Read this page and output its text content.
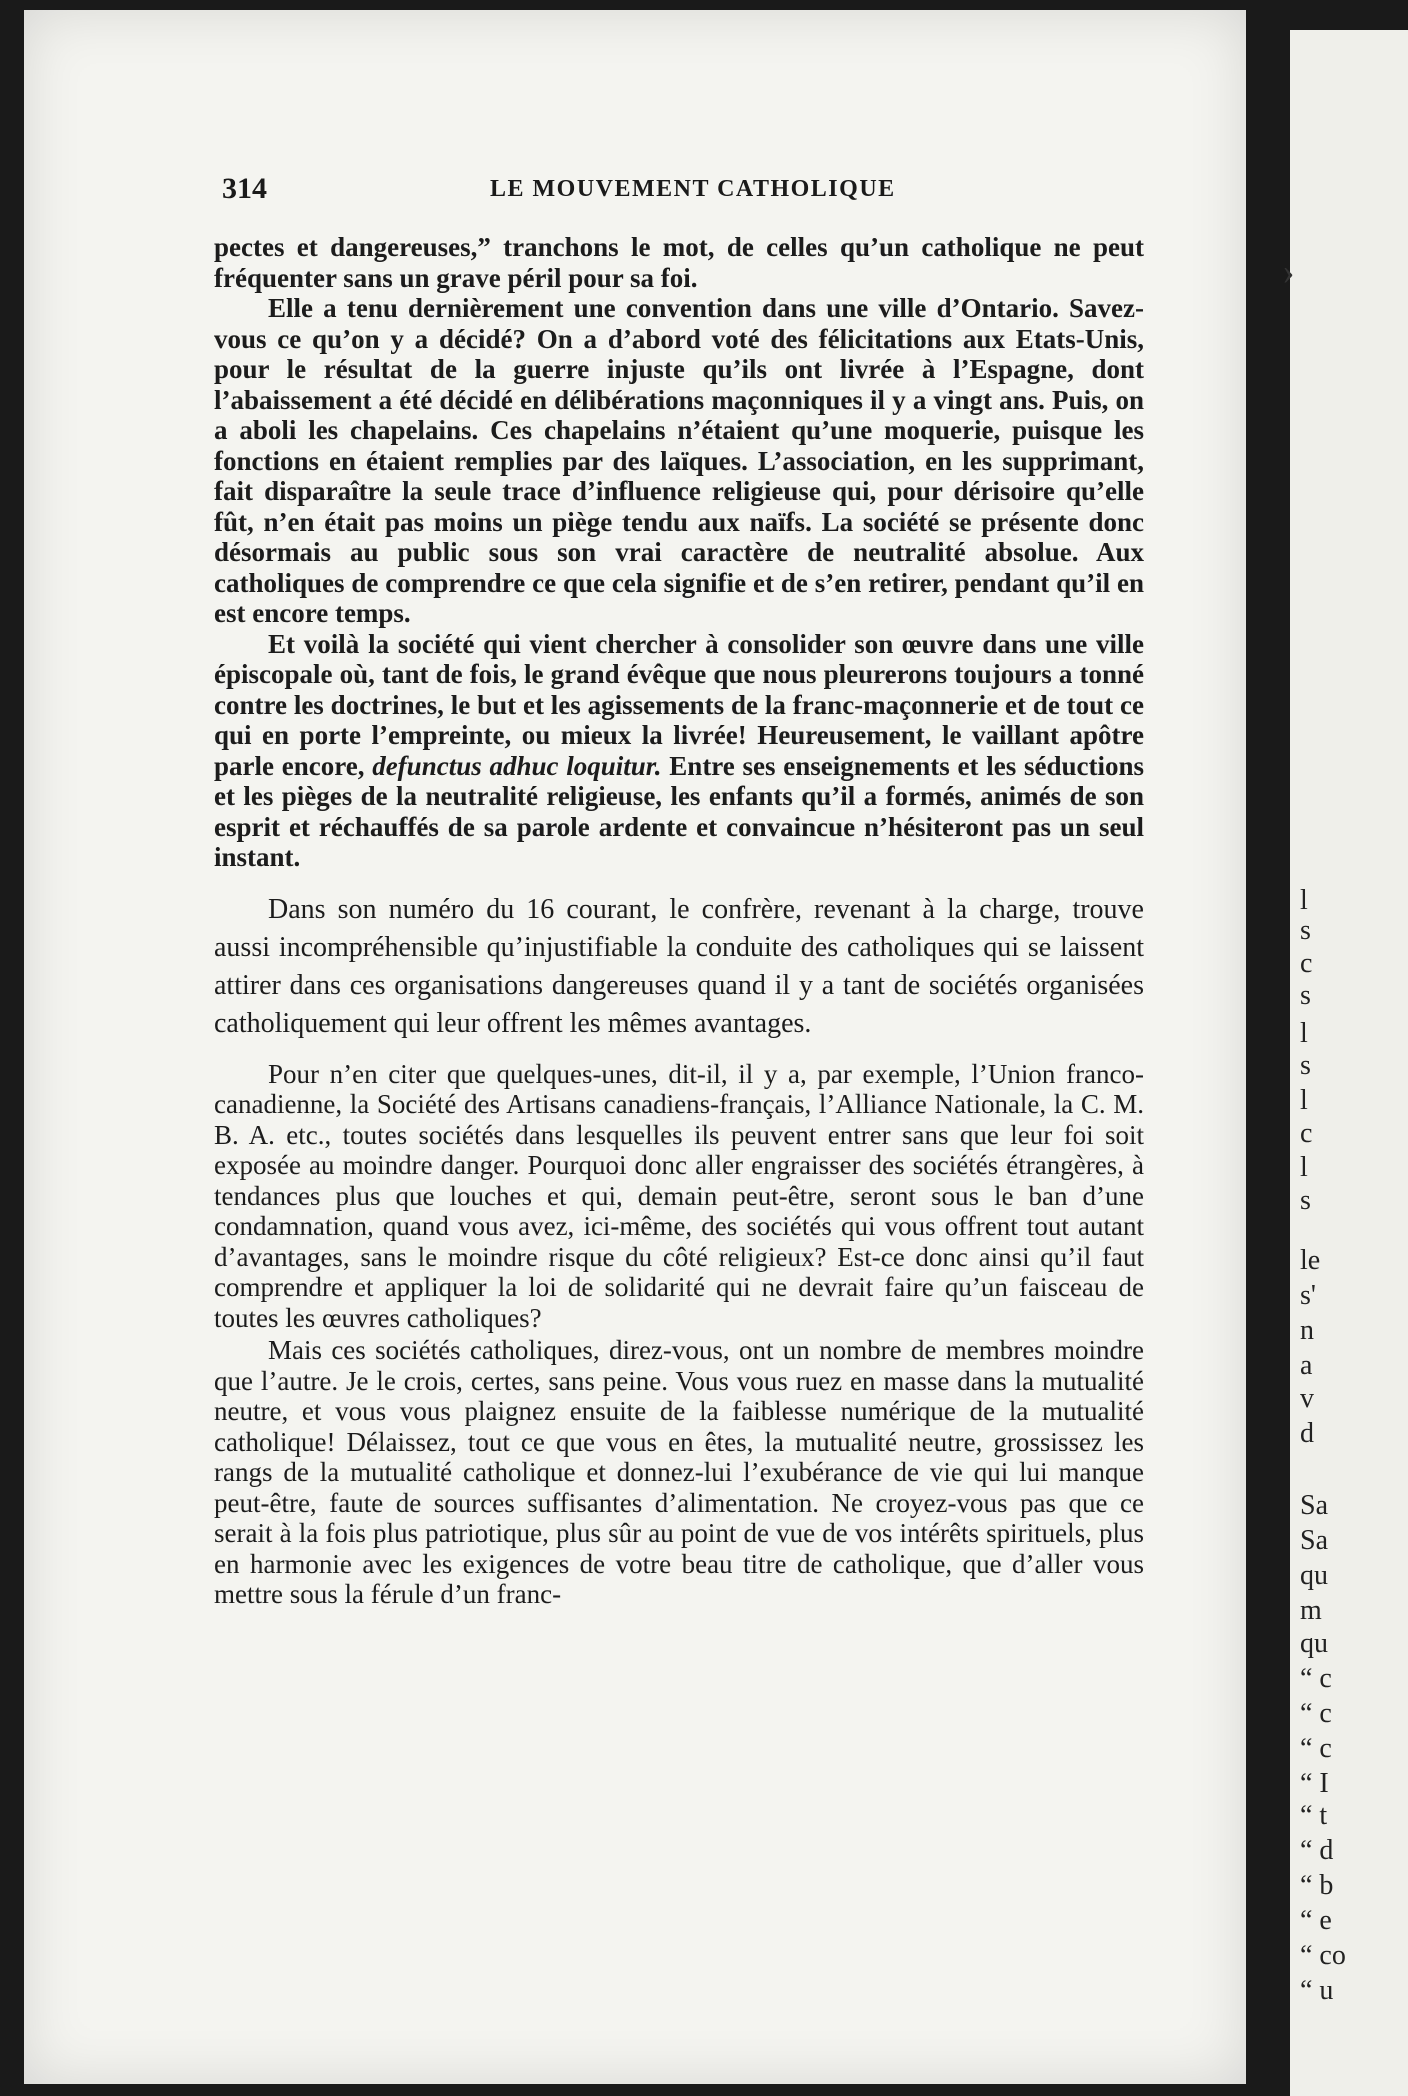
l
s
c
s
l
s
l
c
l
s
le
s'
n
a
v
d
Sa
Sa
qu
m
qu
“ c
“ c
“ c
“ I
“ t
“ d
“ b
“ e
“ co
“ u
›
314	LE MOUVEMENT CATHOLIQUE

pectes et dangereuses,” tranchons le mot, de celles qu’un catholique ne peut fréquenter sans un grave péril pour sa foi.

Elle a tenu dernièrement une convention dans une ville d’Ontario. Savez-vous ce qu’on y a décidé? On a d’abord voté des félicitations aux Etats-Unis, pour le résultat de la guerre injuste qu’ils ont livrée à l’Espagne, dont l’abaissement a été décidé en délibérations maçonniques il y a vingt ans. Puis, on a aboli les chapelains. Ces chapelains n’étaient qu’une moquerie, puisque les fonctions en étaient remplies par des laïques. L’association, en les supprimant, fait disparaître la seule trace d’influence religieuse qui, pour dérisoire qu’elle fût, n’en était pas moins un piège tendu aux naïfs. La société se présente donc désormais au public sous son vrai caractère de neutralité absolue. Aux catholiques de comprendre ce que cela signifie et de s’en retirer, pendant qu’il en est encore temps.

Et voilà la société qui vient chercher à consolider son œuvre dans une ville épiscopale où, tant de fois, le grand évêque que nous pleurerons toujours a tonné contre les doctrines, le but et les agissements de la franc-maçonnerie et de tout ce qui en porte l’empreinte, ou mieux la livrée! Heureusement, le vaillant apôtre parle encore, defunctus adhuc loquitur. Entre ses enseignements et les séductions et les pièges de la neutralité religieuse, les enfants qu’il a formés, animés de son esprit et réchauffés de sa parole ardente et convaincue n’hésiteront pas un seul instant.

Dans son numéro du 16 courant, le confrère, revenant à la charge, trouve aussi incompréhensible qu’injustifiable la conduite des catholiques qui se laissent attirer dans ces organisations dangereuses quand il y a tant de sociétés organisées catholiquement qui leur offrent les mêmes avantages.

Pour n’en citer que quelques-unes, dit-il, il y a, par exemple, l’Union franco-canadienne, la Société des Artisans canadiens-français, l’Alliance Nationale, la C. M. B. A. etc., toutes sociétés dans lesquelles ils peuvent entrer sans que leur foi soit exposée au moindre danger. Pourquoi donc aller engraisser des sociétés étrangères, à tendances plus que louches et qui, demain peut-être, seront sous le ban d’une condamnation, quand vous avez, ici-même, des sociétés qui vous offrent tout autant d’avantages, sans le moindre risque du côté religieux? Est-ce donc ainsi qu’il faut comprendre et appliquer la loi de solidarité qui ne devrait faire qu’un faisceau de toutes les œuvres catholiques?

Mais ces sociétés catholiques, direz-vous, ont un nombre de membres moindre que l’autre. Je le crois, certes, sans peine. Vous vous ruez en masse dans la mutualité neutre, et vous vous plaignez ensuite de la faiblesse numérique de la mutualité catholique! Délaissez, tout ce que vous en êtes, la mutualité neutre, grossissez les rangs de la mutualité catholique et donnez-lui l’exubérance de vie qui lui manque peut-être, faute de sources suffisantes d’alimentation. Ne croyez-vous pas que ce serait à la fois plus patriotique, plus sûr au point de vue de vos intérêts spirituels, plus en harmonie avec les exigences de votre beau titre de catholique, que d’aller vous mettre sous la férule d’un franc-
